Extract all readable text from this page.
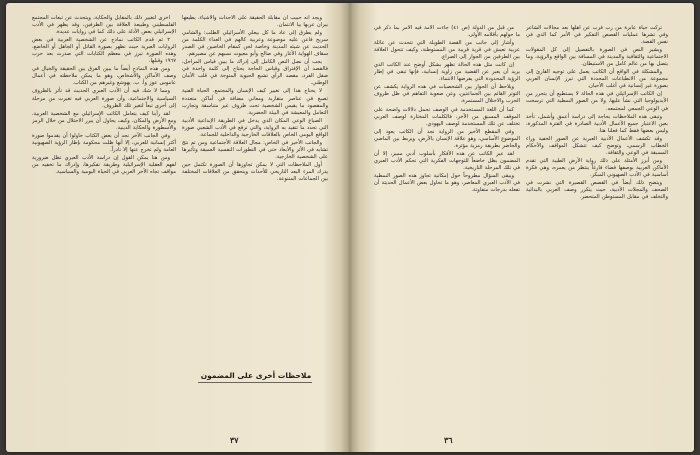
ويجد أنه حبيب أن مقابلة الحقيقة على الأحداث والأشياء، يطيعها بيران عربها بيا الانتمان.

ولم يطرق إلى عاد ما كل بيعلي الأسرائيلي الطلب: والشامي سريح فاعن عليه موضوعة وعربية كالهم في العداء الكلمة من الحديث عن شيئه المدينة وخاصة لحن كمقام الخاصين في الصدر سقاف الهواية الأغار وفي صالح وأبو معيوت نسبهم عن مصيرهم.

يجب أن نصل النص الكامل إلى إدراك ما يبين قياس المراحل، فالقصد أن الإفتراق وقياس الحاجة يحتاج إلى كلمة واحدة في صقل الفرد، مقصد الرأي تشبع الحيوية المتوجة في قلب الأمان الوطني.

لا يحتاج هذا إلى تغيير كيف الإنسان والمجتمع. الحياة الفنية تصبغ في عناصر متقاربة ومعاني مضافة في أماكن متعددة والمقصود ما يقيس الشخصية تحت ظروف غير متناسقة وتجارب التعامل والمعيشة في البيئة الحضرية.

الصياغ الوعي المكان الذي يدخل في الطريقة الإبداعية الأدبية التي تحدد ما تتقيد به الرواية، والتي ترفع في الأدب الشعبي صورة الواقع اليومي الخاص بالعلاقات الخارجية والداخلية للجماعة.

والجانب الأخير في الخاص: مجال العلاقة الأجتماعية ومن تم نتج تشابه في الأثر والأبعاد حتى في التطورات النفسية العميقة وتأثيرها على الشخصية الخارجية.

أول الملاحظات التي لا يمكن تجاوزها أن الصورة تكتمل حين يدرك المرء البعد التاريخي للأحداث ويتحقق من العلاقات المختلفة بين الجماعات المتنوعة.

أخرى لتغيير ذلك بالمقابل والحكاية، ويتحدث عن تبعات المجتمع الفلسطيني وطبيعة العلاقة بين الطرفين، وقد يظهر في الأدب الإسرائيلي بعض الأدلة على ذلك كما في روايات عديدة.

٢ ثم قدم الكاتب نماذج عن الشخصية العربية في بعض الروايات العبرية حيث تظهر بصورة القاتل أو الجاهل أو الخاضع، وهذه الصورة تبرز في معظم الكتابات التي صدرت بعد حرب ١٩٦٧ وقبلها.

ومن هذه النماذج أيضاً ما يبين الفرق بين الحقيقة والخيال في وصف الأماكن والأشخاص، وهو ما يمكن ملاحظته في أعمال عاموس عوز وأ. ب. يهوشع وغيرهم من الكتاب.

ومما لا شك فيه أن الأدب العبري الحديث قد تأثر بالظروف السياسية والاجتماعية، وأن صورة العربي فيه تغيرت من مرحلة إلى أخرى تبعاً لتغير تلك الظروف.

لقد رأينا كيف يتعامل الكاتب الإسرائيلي مع الشخصية العربية، ومع الأرض والمكان، وكيف يحاول أن يبرر الاحتلال من خلال الرمز والأسطورة والحكاية الدينية.

وفي الجانب الآخر نجد أن بعض الكتاب حاولوا أن يقدموا صورة أكثر إنسانية للعربي، إلا أنها ظلت محكومة بإطار الرؤية الصهيونية العامة ولم تخرج عنها إلا نادراً.

ومن هنا يمكن القول إن دراسة الأدب العبري تظل ضرورية لفهم العقلية الإسرائيلية وطريقة تفكيرها، وإدراك ما تخفيه من مواقف تجاه الآخر العربي في الحياة اليومية والسياسية.

ملاحظات أخرى على المضمون
٣٧

تركت حياة عابرة من رب فرب عن أهلها بعد مجالات الشاعر وفي تشرها عمليات القصص التفكير في الأمر كما الذي في نفس القصة.

ويشير النص في الصورة بالتفصيل إلى كل المقولات الاجتماعية والثقافية والمدينة في المسافة بين الواقع والرؤية، وما يتصل بها من عالم كامل من الاستيطان.

والمشكلة في الواقع أن الكاتب يعمل على توجيه القارئ إلى مجموعة من الانطباعات المحددة التي تبرز الإنسان العربي بصورة غير إنسانية في أغلب الأحيان.

إن الكاتب الإسرائيلي في هذه الحالة لا يستطيع أن يتحرر من الأيديولوجيا التي نشأ عليها، ولا من الصور النمطية التي ترسخت في الوعي الجمعي لمجتمعه.

وتبقى هذه الملاحظات بحاجة إلى دراسة أعمق وأشمل، تأخذ بعين الاعتبار جميع الأعمال الأدبية الصادرة في الفترة المذكورة، وليس بعضها فقط كما فعلنا هنا.

وقد تكشف الأعمال الأدبية العبرية عن الصور الخفية وراء الخطاب الرسمي، وتوضح كيف تتشكل المواقف والأحكام المسبقة في الوعي والثقافة.

ومن أبرز الأمثلة على ذلك رواية الأرض الطيبة التي تقدم الأماكن العربية بوصفها فضاء فارغاً ينتظر من يعمره، وهي فكرة أساسية في الأدب الصهيوني المبكر.

ويتضح ذلك أيضاً في القصص القصيرة التي نشرت في الصحف والمجلات الأدبية، حيث يتكرر وصف العربي بالبدائية والتخلف في مقابل المستوطن المتحضر.

من قبل من الدولة (ص ٤١) جاءت الأمة فيه الأمر بما ذكر في ما حولهم بأقلامه الأولى.

وأشار إلى جانب من القصة الطويلة التي تتحدث عن عائلة عربية تعيش في قرية قريبة من المستوطنة، وكيف تتحول العلاقة بين الطرفين من الجوار إلى الصراع.

إن كانت مثل هذه الحالة تظهر بشكل أوضح عند الكاتب الذي يريد أن يعبر عن القضية من زاوية إنسانية، فإنها تبقى في إطار الرؤية المحدودة التي يفرضها الانتماء.

ويلاحظ أن الحوار بين الشخصيات في هذه الرواية يكشف عن التوتر القائم بين الجماعتين، وعن صعوبة التفاهم في ظل ظروف الحرب والاحتلال المستمرة.

كما أن اللغة المستخدمة في الوصف تحمل دلالات واضحة على الموقف المسبق من الآخر، فالكلمات المختارة لوصف العربي تختلف عن تلك المستخدمة لوصف اليهودي.

وفي المقطع الأخير من الرواية نجد أن الكاتب يعود إلى الموضوع الأساسي، وهو علاقة الإنسان بالأرض، ويربط بين الماضي والحاضر بطريقة رمزية مؤثرة.

لقد عبر الكاتب عن هذه الأفكار بأسلوب أدبي مميز، إلا أن المضمون يظل خاضعاً للتوجهات الفكرية التي تحكم الأدب العبري في تلك المرحلة التاريخية.

ويبقى السؤال مطروحاً حول إمكانية تجاوز هذه الصور النمطية في الأدب العبري المعاصر، وهو ما تحاول بعض الأعمال الحديثة أن تفعله بدرجات متفاوتة.

٣٦
